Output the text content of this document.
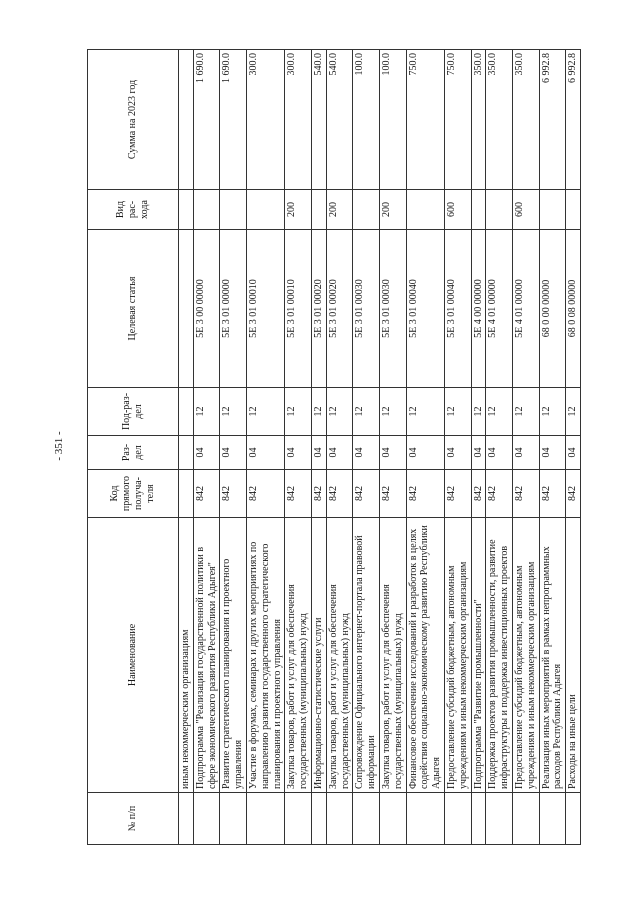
- 351 -
№ п/п	Наименование	Код прямого получа-теля	Раз-дел	Под-раз-дел	Целевая статья	Вид рас-хода	Сумма на 2023 год
	иным некоммерческим организациям						
	Подпрограмма "Реализация государственной политики в сфере экономического развития Республики Адыгея"	842	04	12	5Е 3 00 00000		1 690.0
	Развитие стратегического планирования и проектного управления	842	04	12	5Е 3 01 00000		1 690.0
	Участие в форумах, семинарах и других мероприятиях по направлению развития государственного стратегического планирования и проектного управления	842	04	12	5Е 3 01 00010		300.0
	Закупка товаров, работ и услуг для обеспечения государственных (муниципальных) нужд	842	04	12	5Е 3 01 00010	200	300.0
	Информационно-статистические услуги	842	04	12	5Е 3 01 00020		540.0
	Закупка товаров, работ и услуг для обеспечения государственных (муниципальных) нужд	842	04	12	5Е 3 01 00020	200	540.0
	Сопровождение Официального интернет-портала правовой информации	842	04	12	5Е 3 01 00030		100.0
	Закупка товаров, работ и услуг для обеспечения государственных (муниципальных) нужд	842	04	12	5Е 3 01 00030	200	100.0
	Финансовое обеспечение исследований и разработок в целях содействия социально-экономическому развитию Республики Адыгея	842	04	12	5Е 3 01 00040		750.0
	Предоставление субсидий бюджетным, автономным учреждениям и иным некоммерческим организациям	842	04	12	5Е 3 01 00040	600	750.0
	Подпрограмма "Развитие промышленности"	842	04	12	5Е 4 00 00000		350.0
	Поддержка проектов развития промышленности, развитие инфраструктуры и поддержка инвестиционных проектов	842	04	12	5Е 4 01 00000		350.0
	Предоставление субсидий бюджетным, автономным учреждениям и иным некоммерческим организациям	842	04	12	5Е 4 01 00000	600	350.0
	Реализация иных мероприятий в рамках непрограммных расходов Республики Адыгея	842	04	12	68 0 00 00000		6 992.8
	Расходы на иные цели	842	04	12	68 0 08 00000		6 992.8
